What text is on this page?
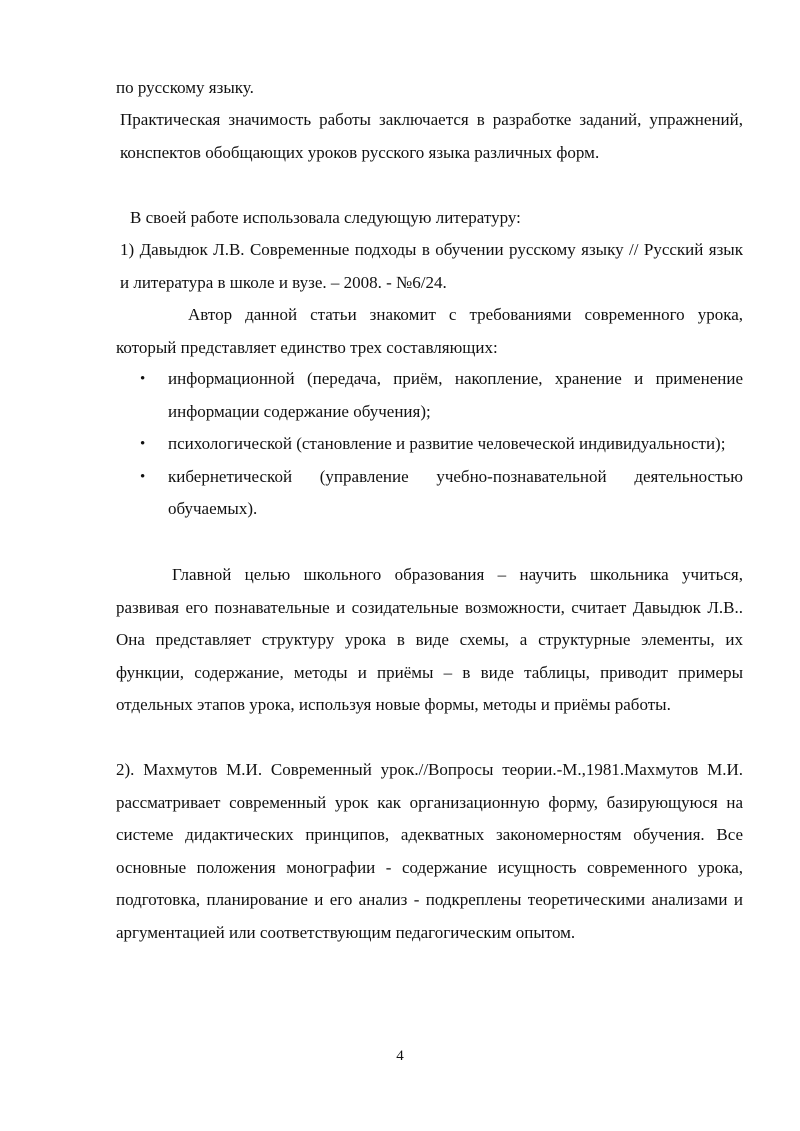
по русскому языку.

Практическая значимость работы заключается в разработке заданий, упражнений, конспектов обобщающих уроков русского языка различных форм.

В своей работе использовала следующую литературу:

1) Давыдюк Л.В. Современные подходы в обучении русскому языку // Русский язык и литература в школе и вузе. – 2008. - №6/24.

Автор данной статьи знакомит с требованиями современного урока, который представляет единство трех составляющих:

• информационной (передача, приём, накопление, хранение и применение информации содержание обучения);
• психологической (становление и развитие человеческой индивидуальности);
• кибернетической (управление учебно-познавательной деятельностью обучаемых).

Главной целью школьного образования – научить школьника учиться, развивая его познавательные и созидательные возможности, считает Давыдюк Л.В.. Она представляет структуру урока в виде схемы, а структурные элементы, их функции, содержание, методы и приёмы – в виде таблицы, приводит примеры отдельных этапов урока, используя новые формы, методы и приёмы работы.

2). Махмутов М.И. Современный урок.//Вопросы теории.-М.,1981.Махмутов М.И. рассматривает современный урок как организационную форму, базирующуюся на системе дидактических принципов, адекватных закономерностям обучения. Все основные положения монографии - содержание исущность современного урока, подготовка, планирование и его анализ - подкреплены теоретическими анализами и аргументацией или соответствующим педагогическим опытом.

4
